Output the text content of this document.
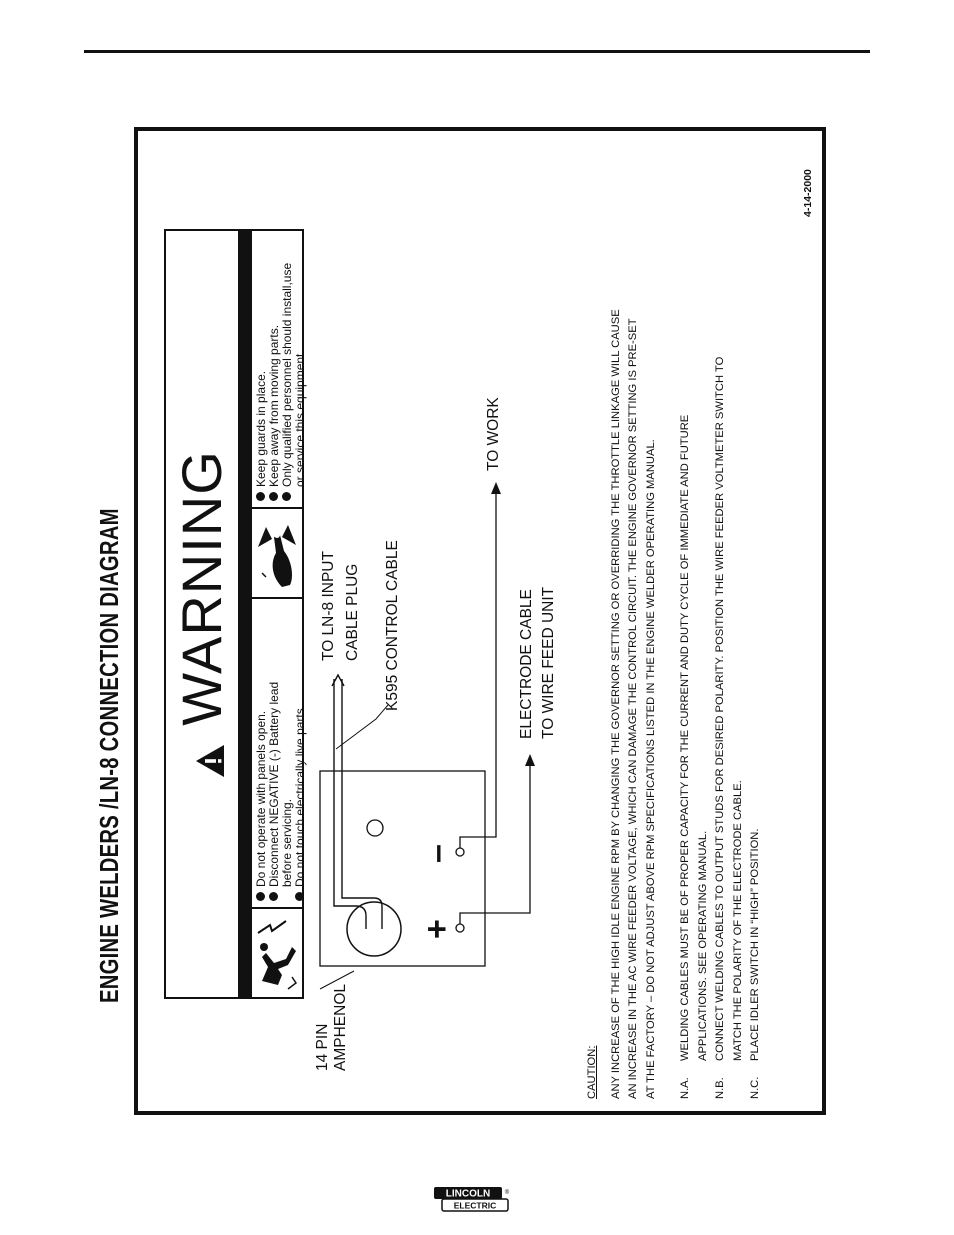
ENGINE WELDERS /LN-8 CONNECTION DIAGRAM WARNING
Do not operate with panels open. Disconnect NEGATIVE (-) Battery lead before servicing. Do not touch electrically live parts.
Keep guards in place. Keep away from moving parts. Only qualified personnel should install,use or service this equipment.
14 PIN AMPHENOL
K595 CONTROL CABLE
TO LN-8 INPUT CABLE PLUG	ELECTRODE CABLE TO WIRE FEED UNIT
TO WORK
+
–
CAUTION:	ANY INCREASE OF THE HIGH IDLE ENGINE RPM BY CHANGING THE GOVERNOR SETTING OR OVERRIDING THE THROTTLE LINKAGE WILL CAUSE AN INCREASE IN THE AC WIRE FEEDER VOLTAGE, WHICH CAN DAMAGE THE CONTROL CIRCUIT. THE ENGINE GOVERNOR SETTING IS PRE-SET AT THE FACTORY – DO NOT ADJUST ABOVE RPM SPECIFICATIONS LISTED IN THE ENGINE WELDER OPERATING MANUAL.	N.A.
WELDING CABLES MUST BE OF PROPER CAPACITY FOR THE CURRENT AND DUTY CYCLE OF IMMEDIATE AND FUTURE APPLICATIONS. SEE OPERATING MANUAL.
N.B.
CONNECT WELDING CABLES TO OUTPUT STUDS FOR DESIRED POLARITY. POSITION THE WIRE FEEDER VOLTMETER SWITCH TO MATCH THE POLARITY OF THE ELECTRODE CABLE.
N.C.
PLACE IDLER SWITCH IN “HIGH” POSITION.
4-14-2000
LINCOLN
ELECTRIC
®
